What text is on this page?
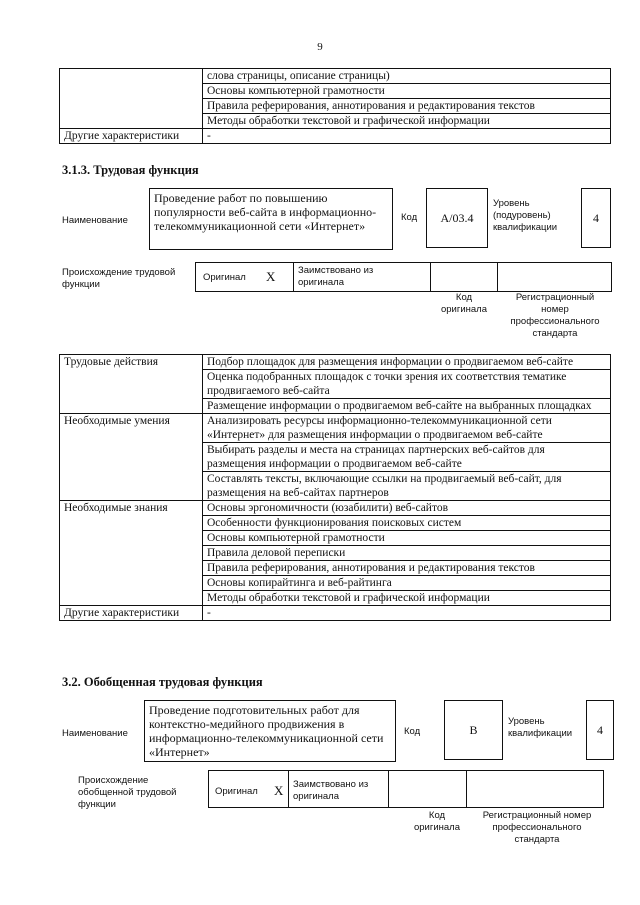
9
	слова страницы, описание страницы)
	Основы компьютерной грамотности
	Правила реферирования, аннотирования и редактирования текстов
	Методы обработки текстовой и графической информации
Другие характеристики	-
3.1.3. Трудовая функция
Наименование
Проведение работ по повышению популярности веб-сайта в информационно-телекоммуникационной сети «Интернет»
Код	A/03.4
Уровень (подуровень) квалификации
4
Происхождение трудовой функции
Оригинал	X	Заимствовано из оригинала
Код оригинала
Регистрационный номер профессионального стандарта
Трудовые действия	Подбор площадок для размещения информации о продвигаемом веб-сайте
	Оценка подобранных площадок с точки зрения их соответствия тематике продвигаемого веб-сайта
	Размещение информации о продвигаемом веб-сайте на выбранных площадках
Необходимые умения	Анализировать ресурсы информационно-телекоммуникационной сети «Интернет» для размещения информации о продвигаемом веб-сайте
	Выбирать разделы и места на страницах партнерских веб-сайтов для размещения информации о продвигаемом веб-сайте
	Составлять тексты, включающие ссылки на продвигаемый веб-сайт, для размещения на веб-сайтах партнеров
Необходимые знания	Основы эргономичности (юзабилити) веб-сайтов
	Особенности функционирования поисковых систем
	Основы компьютерной грамотности
	Правила деловой переписки
	Правила реферирования, аннотирования и редактирования текстов
	Основы копирайтинга и веб-райтинга
	Методы обработки текстовой и графической информации
Другие характеристики	-
3.2. Обобщенная трудовая функция
Наименование
Проведение подготовительных работ для контекстно-медийного продвижения в информационно-телекоммуникационной сети «Интернет»
Код	B
Уровень квалификации	4
Происхождение обобщенной трудовой функции
Оригинал	X	Заимствовано из оригинала
Код оригинала
Регистрационный номер профессионального стандарта
